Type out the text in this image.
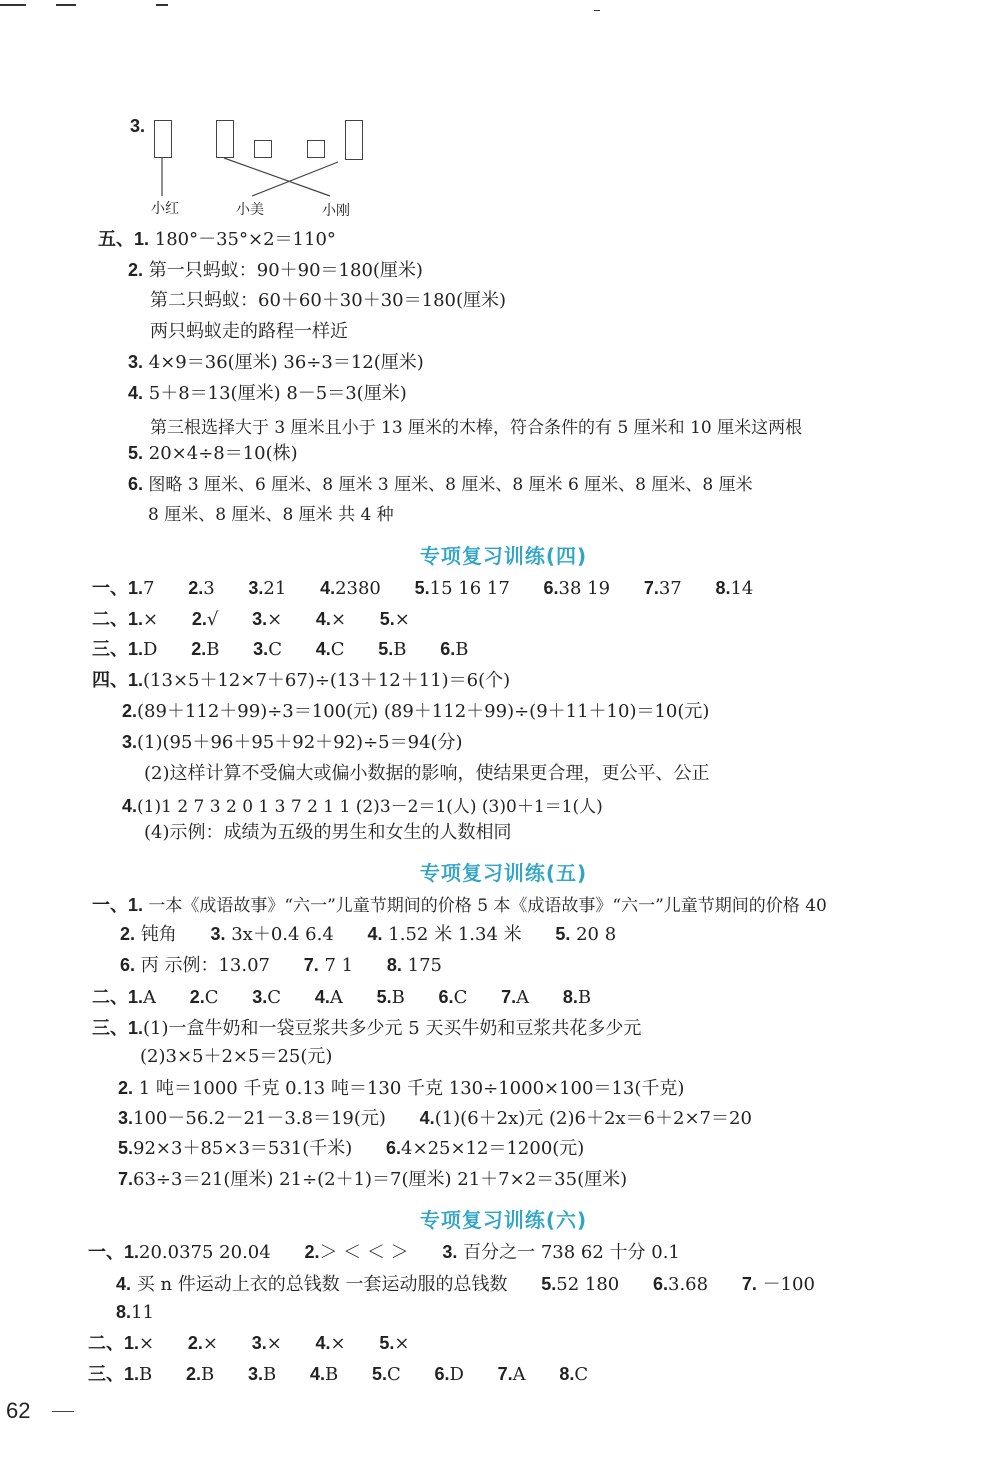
3.
小红	小美	小刚
五、1. 180°－35°×2＝110°
2. 第一只蚂蚁：90＋90＝180(厘米)
第二只蚂蚁：60＋60＋30＋30＝180(厘米)
两只蚂蚁走的路程一样近
3. 4×9＝36(厘米) 36÷3＝12(厘米)
4. 5＋8＝13(厘米) 8－5＝3(厘米)
第三根选择大于 3 厘米且小于 13 厘米的木棒，符合条件的有 5 厘米和 10 厘米这两根
5. 20×4÷8＝10(株)
6. 图略 3 厘米、6 厘米、8 厘米 3 厘米、8 厘米、8 厘米 6 厘米、8 厘米、8 厘米
8 厘米、8 厘米、8 厘米 共 4 种
专项复习训练(四)
一、1.7 2.3 3.21 4.2380 5.15 16 17 6.38 19 7.37 8.14
二、1.× 2.√ 3.× 4.× 5.×
三、1.D 2.B 3.C 4.C 5.B 6.B
四、1.(13×5＋12×7＋67)÷(13＋12＋11)＝6(个)
2.(89＋112＋99)÷3＝100(元) (89＋112＋99)÷(9＋11＋10)＝10(元)
3.(1)(95＋96＋95＋92＋92)÷5＝94(分)
(2)这样计算不受偏大或偏小数据的影响，使结果更合理，更公平、公正
4.(1)1 2 7 3 2 0 1 3 7 2 1 1 (2)3－2＝1(人) (3)0＋1＝1(人)
(4)示例：成绩为五级的男生和女生的人数相同
专项复习训练(五)
一、1. 一本《成语故事》“六一”儿童节期间的价格 5 本《成语故事》“六一”儿童节期间的价格 40
2. 钝角 3. 3x＋0.4 6.4 4. 1.52 米 1.34 米 5. 20 8
6. 丙 示例：13.07 7. 7 1 8. 175
二、1.A 2.C 3.C 4.A 5.B 6.C 7.A 8.B
三、1.(1)一盒牛奶和一袋豆浆共多少元 5 天买牛奶和豆浆共花多少元
(2)3×5＋2×5＝25(元)
2. 1 吨＝1000 千克 0.13 吨＝130 千克 130÷1000×100＝13(千克)
3.100－56.2－21－3.8＝19(元) 4.(1)(6＋2x)元 (2)6＋2x＝6＋2×7＝20
5.92×3＋85×3＝531(千米) 6.4×25×12＝1200(元)
7.63÷3＝21(厘米) 21÷(2＋1)＝7(厘米) 21＋7×2＝35(厘米)
专项复习训练(六)
一、1.20.0375 20.04 2.＞ ＜ ＜ ＞ 3. 百分之一 738 62 十分 0.1
4. 买 n 件运动上衣的总钱数 一套运动服的总钱数 5.52 180 6.3.68 7. －100
8.11
二、1.× 2.× 3.× 4.× 5.×
三、1.B 2.B 3.B 4.B 5.C 6.D 7.A 8.C
62
